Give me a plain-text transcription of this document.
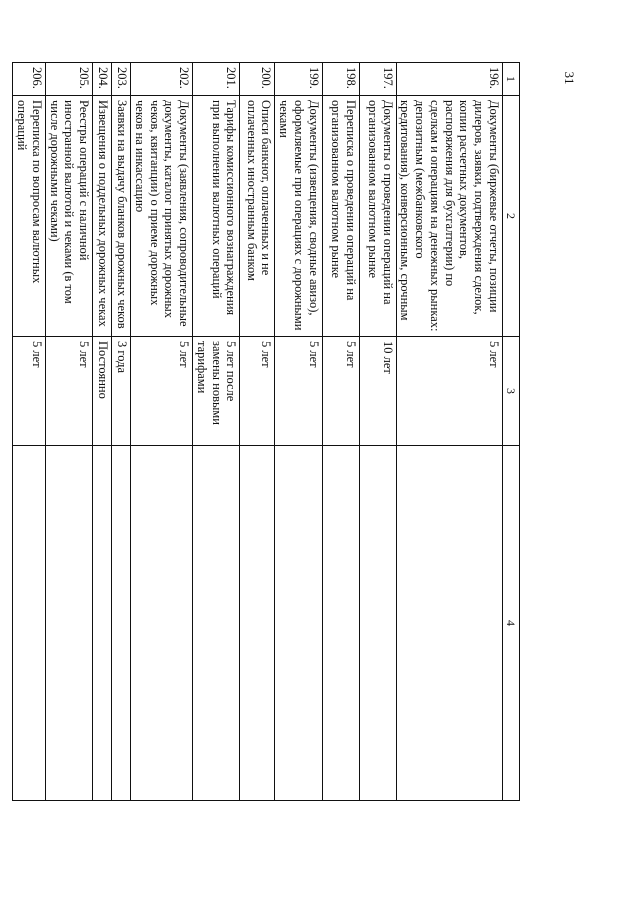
31
1	2	3	4
196.	Документы (биржевые отчеты, позиции дилеров, заявки, подтверждения сделок, копии расчетных документов, распоряжения для бухгалтерии) по сделкам и операциям на денежных рынках: депозитным (межбанковского кредитования), конверсионным, срочным	5 лет	
197.	Документы о проведении операций на организованном валютном рынке	10 лет	
198.	Переписка о проведении операций на организованном валютном рынке	5 лет	
199.	Документы (извещения, сводные авизо), оформляемые при операциях с дорожными чеками	5 лет	
200.	Описи банкнот, оплаченных и не оплаченных иностранным банком	5 лет	
201.	Тарифы комиссионного вознаграждения при выполнении валютных операций	5 лет после замены новыми тарифами	
202.	Документы (заявления, сопроводительные документы, каталог принятых дорожных чеков, квитанции) о приеме дорожных чеков на инкассацию	5 лет	
203.	Заявки на выдачу бланков дорожных чеков	3 года	
204.	Извещения о поддельных дорожных чеках	Постоянно	
205.	Реестры операций с наличной иностранной валютой и чеками (в том числе дорожными чеками)	5 лет	
206.	Переписка по вопросам валютных операций	5 лет	
